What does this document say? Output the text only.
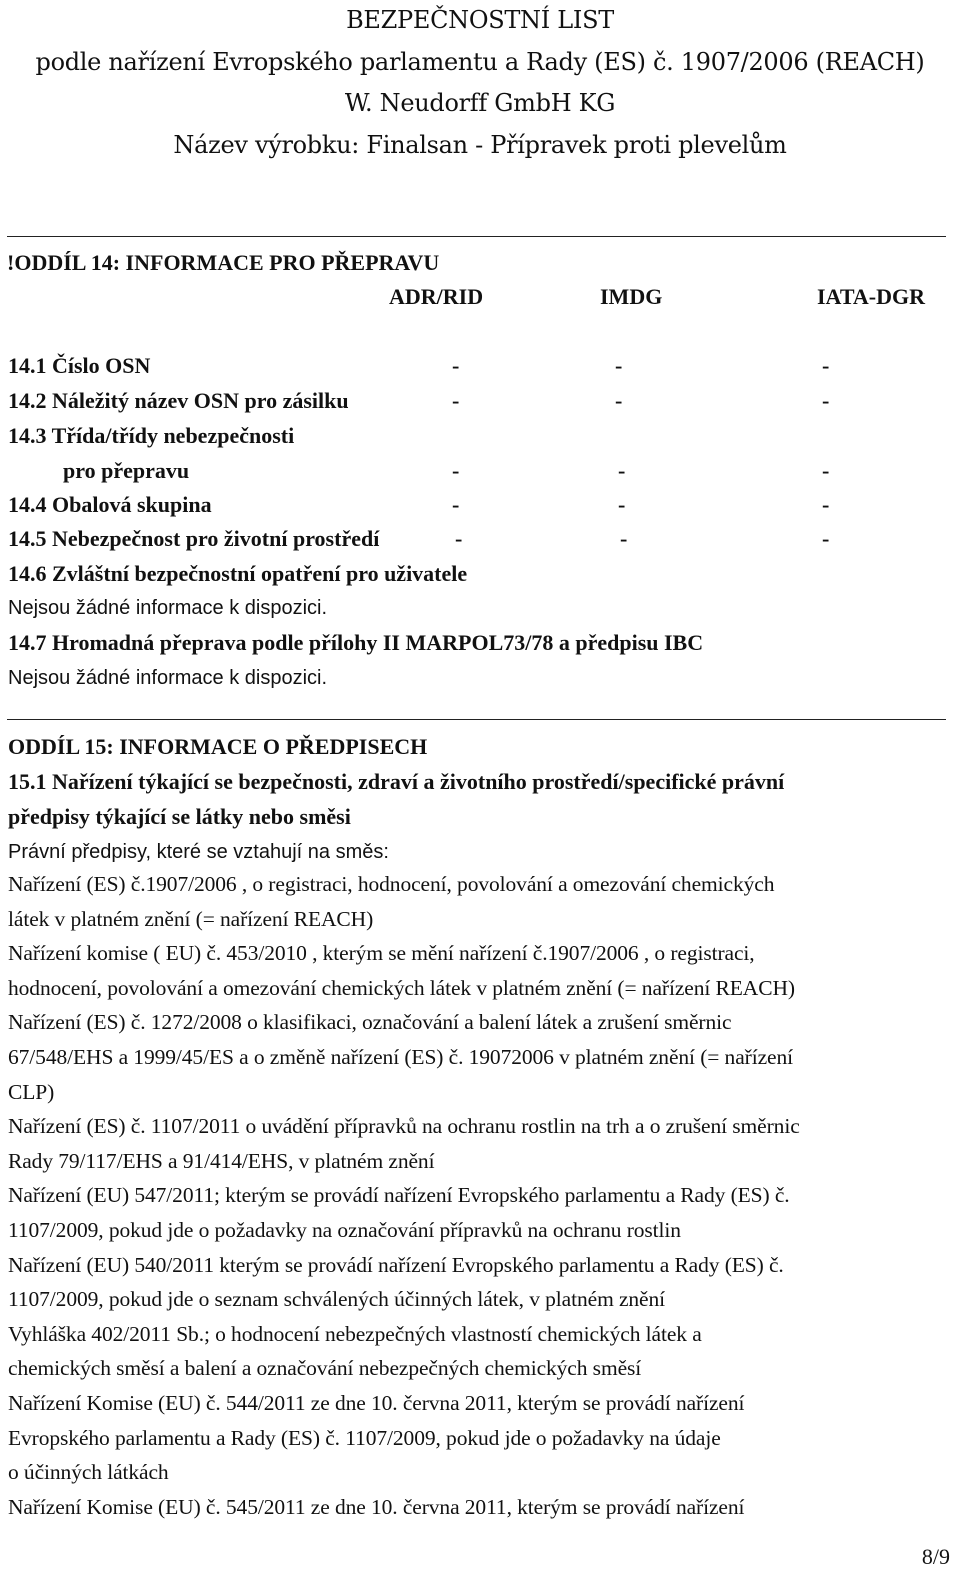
BEZPEČNOSTNÍ LIST
podle nařízení Evropského parlamentu a Rady (ES) č. 1907/2006 (REACH)
W. Neudorff GmbH KG
Název výrobku: Finalsan - Přípravek proti plevelům
!ODDÍL 14: INFORMACE PRO PŘEPRAVU
ADR/RID	IMDG	IATA-DGR
14.1 Číslo OSN	-	-	-
14.2 Náležitý název OSN pro zásilku	-	-	-
14.3 Třída/třídy nebezpečnosti
pro přepravu	-	-	-
14.4 Obalová skupina	-	-	-
14.5 Nebezpečnost pro životní prostředí	-	-	-
14.6 Zvláštní bezpečnostní opatření pro uživatele
Nejsou žádné informace k dispozici.
14.7 Hromadná přeprava podle přílohy II MARPOL73/78 a předpisu IBC
Nejsou žádné informace k dispozici.
ODDÍL 15: INFORMACE O PŘEDPISECH
15.1 Nařízení týkající se bezpečnosti, zdraví a životního prostředí/specifické právní
předpisy týkající se látky nebo směsi
Právní předpisy, které se vztahují na směs:
Nařízení (ES) č.1907/2006 , o registraci, hodnocení, povolování a omezování chemických
látek v platném znění (= nařízení REACH)
Nařízení komise ( EU) č. 453/2010 , kterým se mění nařízení č.1907/2006 , o registraci,
hodnocení, povolování a omezování chemických látek v platném znění (= nařízení REACH)
Nařízení (ES) č. 1272/2008 o klasifikaci, označování a balení látek a zrušení směrnic
67/548/EHS a 1999/45/ES a o změně nařízení (ES) č. 19072006 v platném znění (= nařízení
CLP)
Nařízení (ES) č. 1107/2011 o uvádění přípravků na ochranu rostlin na trh a o zrušení směrnic
Rady 79/117/EHS a 91/414/EHS, v platném znění
Nařízení (EU) 547/2011; kterým se provádí nařízení Evropského parlamentu a Rady (ES) č.
1107/2009, pokud jde o požadavky na označování přípravků na ochranu rostlin
Nařízení (EU) 540/2011 kterým se provádí nařízení Evropského parlamentu a Rady (ES) č.
1107/2009, pokud jde o seznam schválených účinných látek, v platném znění
Vyhláška 402/2011 Sb.; o hodnocení nebezpečných vlastností chemických látek a
chemických směsí a balení a označování nebezpečných chemických směsí
Nařízení Komise (EU) č. 544/2011 ze dne 10. června 2011, kterým se provádí nařízení
Evropského parlamentu a Rady (ES) č. 1107/2009, pokud jde o požadavky na údaje
o účinných látkách
Nařízení Komise (EU) č. 545/2011 ze dne 10. června 2011, kterým se provádí nařízení
8/9
